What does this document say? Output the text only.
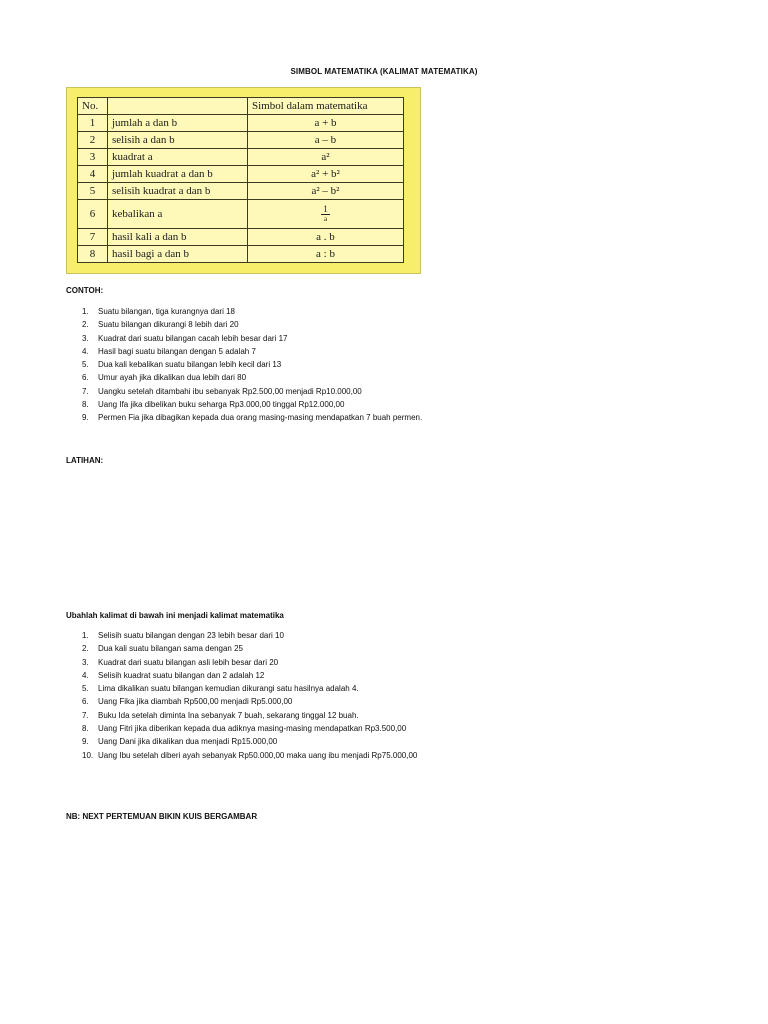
SIMBOL MATEMATIKA (KALIMAT MATEMATIKA)
No.		Simbol dalam matematika
1	jumlah a dan b	a + b
2	selisih a dan b	a – b
3	kuadrat a	a²
4	jumlah kuadrat a dan b	a² + b²
5	selisih kuadrat a dan b	a² – b²
6	kebalikan a	$\frac{1}{a}$

7	hasil kali a dan b	a . b
8	hasil bagi a dan b	a : b
CONTOH:
1. Suatu bilangan, tiga kurangnya dari 18
2. Suatu bilangan dikurangi 8 lebih dari 20
3. Kuadrat dari suatu bilangan cacah lebih besar dari 17
4. Hasil bagi suatu bilangan dengan 5 adalah 7
5. Dua kali kebalikan suatu bilangan lebih kecil dari 13
6. Umur ayah jika dikalikan dua lebih dari 80
7. Uangku setelah ditambahi ibu sebanyak Rp2.500,00 menjadi Rp10.000,00
8. Uang Ifa jika dibelikan buku seharga Rp3.000,00 tinggal Rp12.000,00
9. Permen Fia jika dibagikan kepada dua orang masing-masing mendapatkan 7 buah permen.
LATIHAN:
Ubahlah kalimat di bawah ini menjadi kalimat matematika
1. Selisih suatu bilangan dengan 23 lebih besar dari 10
2. Dua kali suatu bilangan sama dengan 25
3. Kuadrat dari suatu bilangan asli lebih besar dari 20
4. Selisih kuadrat suatu bilangan dan 2 adalah 12
5. Lima dikalikan suatu bilangan kemudian dikurangi satu hasilnya adalah 4.
6. Uang Fika jika diambah Rp500,00 menjadi Rp5.000,00
7. Buku Ida setelah diminta Ina sebanyak 7 buah, sekarang tinggal 12 buah.
8. Uang Fitri jika diberikan kepada dua adiknya masing-masing mendapatkan Rp3.500,00
9. Uang Dani jika dikalikan dua menjadi Rp15.000,00
10. Uang Ibu setelah diberi ayah sebanyak Rp50.000,00 maka uang ibu menjadi Rp75.000,00
NB: NEXT PERTEMUAN BIKIN KUIS BERGAMBAR
